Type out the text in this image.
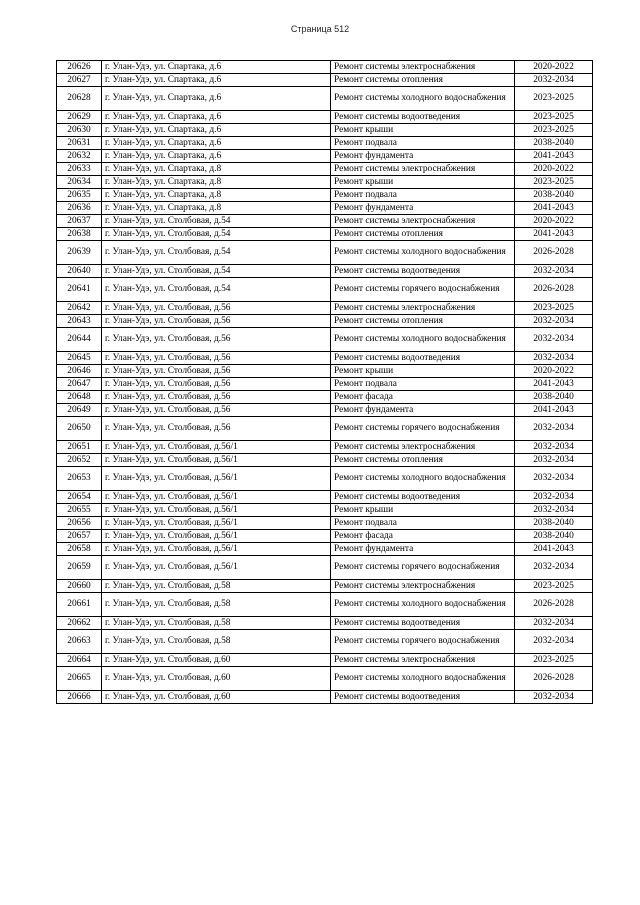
Страница 512
20626	г. Улан-Удэ, ул. Спартака, д.6	Ремонт системы электроснабжения	2020-2022
20627	г. Улан-Удэ, ул. Спартака, д.6	Ремонт системы отопления	2032-2034
20628	г. Улан-Удэ, ул. Спартака, д.6	Ремонт системы холодного водоснабжения	2023-2025
20629	г. Улан-Удэ, ул. Спартака, д.6	Ремонт системы водоотведения	2023-2025
20630	г. Улан-Удэ, ул. Спартака, д.6	Ремонт крыши	2023-2025
20631	г. Улан-Удэ, ул. Спартака, д.6	Ремонт подвала	2038-2040
20632	г. Улан-Удэ, ул. Спартака, д.6	Ремонт фундамента	2041-2043
20633	г. Улан-Удэ, ул. Спартака, д.8	Ремонт системы электроснабжения	2020-2022
20634	г. Улан-Удэ, ул. Спартака, д.8	Ремонт крыши	2023-2025
20635	г. Улан-Удэ, ул. Спартака, д.8	Ремонт подвала	2038-2040
20636	г. Улан-Удэ, ул. Спартака, д.8	Ремонт фундамента	2041-2043
20637	г. Улан-Удэ, ул. Столбовая, д.54	Ремонт системы электроснабжения	2020-2022
20638	г. Улан-Удэ, ул. Столбовая, д.54	Ремонт системы отопления	2041-2043
20639	г. Улан-Удэ, ул. Столбовая, д.54	Ремонт системы холодного водоснабжения	2026-2028
20640	г. Улан-Удэ, ул. Столбовая, д.54	Ремонт системы водоотведения	2032-2034
20641	г. Улан-Удэ, ул. Столбовая, д.54	Ремонт системы горячего водоснабжения	2026-2028
20642	г. Улан-Удэ, ул. Столбовая, д.56	Ремонт системы электроснабжения	2023-2025
20643	г. Улан-Удэ, ул. Столбовая, д.56	Ремонт системы отопления	2032-2034
20644	г. Улан-Удэ, ул. Столбовая, д.56	Ремонт системы холодного водоснабжения	2032-2034
20645	г. Улан-Удэ, ул. Столбовая, д.56	Ремонт системы водоотведения	2032-2034
20646	г. Улан-Удэ, ул. Столбовая, д.56	Ремонт крыши	2020-2022
20647	г. Улан-Удэ, ул. Столбовая, д.56	Ремонт подвала	2041-2043
20648	г. Улан-Удэ, ул. Столбовая, д.56	Ремонт фасада	2038-2040
20649	г. Улан-Удэ, ул. Столбовая, д.56	Ремонт фундамента	2041-2043
20650	г. Улан-Удэ, ул. Столбовая, д.56	Ремонт системы горячего водоснабжения	2032-2034
20651	г. Улан-Удэ, ул. Столбовая, д.56/1	Ремонт системы электроснабжения	2032-2034
20652	г. Улан-Удэ, ул. Столбовая, д.56/1	Ремонт системы отопления	2032-2034
20653	г. Улан-Удэ, ул. Столбовая, д.56/1	Ремонт системы холодного водоснабжения	2032-2034
20654	г. Улан-Удэ, ул. Столбовая, д.56/1	Ремонт системы водоотведения	2032-2034
20655	г. Улан-Удэ, ул. Столбовая, д.56/1	Ремонт крыши	2032-2034
20656	г. Улан-Удэ, ул. Столбовая, д.56/1	Ремонт подвала	2038-2040
20657	г. Улан-Удэ, ул. Столбовая, д.56/1	Ремонт фасада	2038-2040
20658	г. Улан-Удэ, ул. Столбовая, д.56/1	Ремонт фундамента	2041-2043
20659	г. Улан-Удэ, ул. Столбовая, д.56/1	Ремонт системы горячего водоснабжения	2032-2034
20660	г. Улан-Удэ, ул. Столбовая, д.58	Ремонт системы электроснабжения	2023-2025
20661	г. Улан-Удэ, ул. Столбовая, д.58	Ремонт системы холодного водоснабжения	2026-2028
20662	г. Улан-Удэ, ул. Столбовая, д.58	Ремонт системы водоотведения	2032-2034
20663	г. Улан-Удэ, ул. Столбовая, д.58	Ремонт системы горячего водоснабжения	2032-2034
20664	г. Улан-Удэ, ул. Столбовая, д.60	Ремонт системы электроснабжения	2023-2025
20665	г. Улан-Удэ, ул. Столбовая, д.60	Ремонт системы холодного водоснабжения	2026-2028
20666	г. Улан-Удэ, ул. Столбовая, д.60	Ремонт системы водоотведения	2032-2034
